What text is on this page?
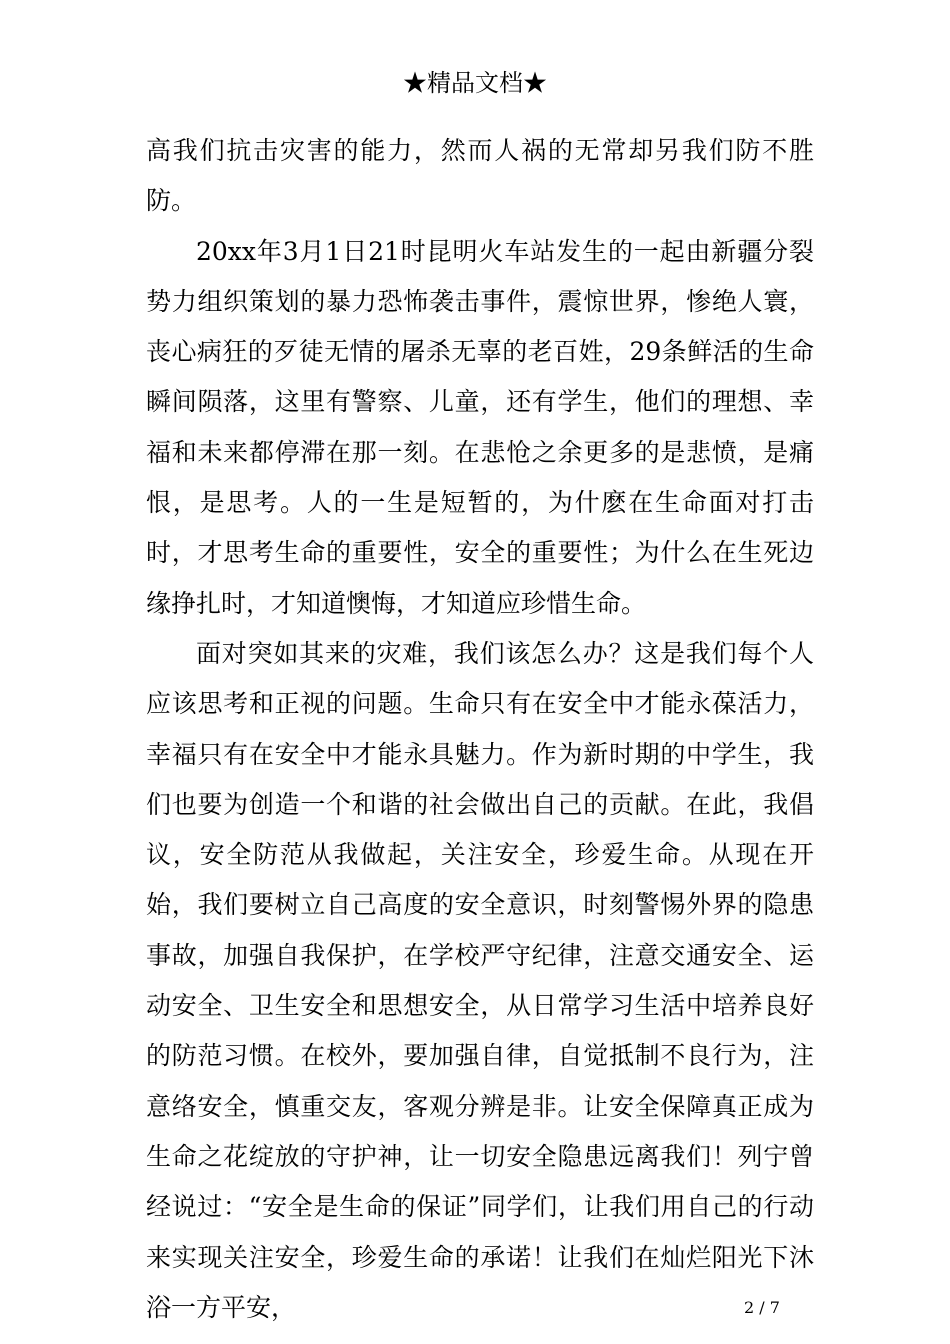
★精品文档★

高我们抗击灾害的能力，然而人祸的无常却另我们防不胜防。

20xx年3月1日21时昆明火车站发生的一起由新疆分裂势力组织策划的暴力恐怖袭击事件，震惊世界，惨绝人寰，丧心病狂的歹徒无情的屠杀无辜的老百姓，29条鲜活的生命瞬间陨落，这里有警察、儿童，还有学生，他们的理想、幸福和未来都停滞在那一刻。在悲怆之余更多的是悲愤，是痛恨，是思考。人的一生是短暂的，为什麽在生命面对打击时，才思考生命的重要性，安全的重要性；为什么在生死边缘挣扎时，才知道懊悔，才知道应珍惜生命。

面对突如其来的灾难，我们该怎么办？这是我们每个人应该思考和正视的问题。生命只有在安全中才能永葆活力，幸福只有在安全中才能永具魅力。作为新时期的中学生，我们也要为创造一个和谐的社会做出自己的贡献。在此，我倡议，安全防范从我做起，关注安全，珍爱生命。从现在开始，我们要树立自己高度的安全意识，时刻警惕外界的隐患事故，加强自我保护，在学校严守纪律，注意交通安全、运动安全、卫生安全和思想安全，从日常学习生活中培养良好的防范习惯。在校外，要加强自律，自觉抵制不良行为，注意络安全，慎重交友，客观分辨是非。让安全保障真正成为生命之花绽放的守护神，让一切安全隐患远离我们！列宁曾经说过：“安全是生命的保证”同学们，让我们用自己的行动来实现关注安全，珍爱生命的承诺！让我们在灿烂阳光下沐浴一方平安，	2 / 7
